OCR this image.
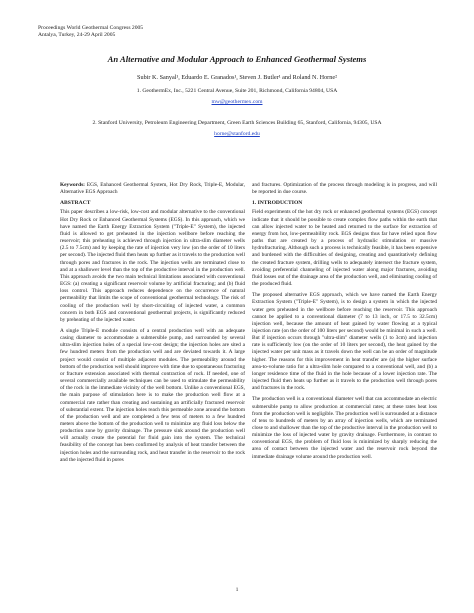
Proceedings World Geothermal Congress 2005
Antalya, Turkey, 24-29 April 2005
An Alternative and Modular Approach to Enhanced Geothermal Systems
Subir K. Sanyal¹, Eduardo E. Granados¹, Steven J. Butler¹ and Roland N. Horne²
1. GeothermEx, Inc., 5221 Central Avenue, Suite 201, Richmond, California 94804, USA
mw@geothermex.com
2. Stanford University, Petroleum Engineering Department, Green Earth Sciences Building 65, Stanford, California, 94305, USA
horne@stanford.edu

Keywords: EGS, Enhanced Geothermal System, Hot Dry Rock, Triple-E, Modular, Alternative EGS Approach

ABSTRACT

This paper describes a low-risk, low-cost and modular alternative to the conventional Hot Dry Rock or Enhanced Geothermal Systems (EGS). In this approach, which we have named the Earth Energy Extraction System ("Triple-E" System), the injected fluid is allowed to get preheated in the injection wellbore before reaching the reservoir; this preheating is achieved through injection in ultra-slim diameter wells (2.5 to 7.5cm) and by keeping the rate of injection very low (on the order of 10 liters per second). The injected fluid then heats up further as it travels to the production well through pores and fractures in the rock. The injection wells are terminated close to and at a shallower level than the top of the productive interval in the production well. This approach avoids the two main technical limitations associated with conventional EGS: (a) creating a significant reservoir volume by artificial fracturing; and (b) fluid loss control. This approach reduces dependence on the occurrence of natural permeability that limits the scope of conventional geothermal technology. The risk of cooling of the production well by short-circuiting of injected water, a common concern in both EGS and conventional geothermal projects, is significantly reduced by preheating of the injected water.

A single Triple-E module consists of a central production well with an adequate casing diameter to accommodate a submersible pump, and surrounded by several ultra-slim injection holes of a special low-cost design; the injection holes are sited a few hundred meters from the production well and are deviated towards it. A large project would consist of multiple adjacent modules. The permeability around the bottom of the production well should improve with time due to spontaneous fracturing or fracture extension associated with thermal contraction of rock. If needed, one of several commercially available techniques can be used to stimulate the permeability of the rock in the immediate vicinity of the well bottom. Unlike a conventional EGS, the main purpose of stimulation here is to make the production well flow at a commercial rate rather than creating and sustaining an artificially fractured reservoir of substantial extent. The injection holes reach this permeable zone around the bottom of the production well and are completed a few tens of meters to a few hundred meters above the bottom of the production well to minimize any fluid loss below the production zone by gravity drainage. The pressure sink around the production well will actually create the potential for fluid gain into the system. The technical feasibility of the concept has been confirmed by analysis of heat transfer between the injection holes and the surrounding rock, and heat transfer in the reservoir to the rock and the injected fluid in pores

and fractures. Optimization of the process through modeling is in progress, and will be reported in due course.

1. INTRODUCTION

Field experiments of the hot dry rock or enhanced geothermal systems (EGS) concept indicate that it should be possible to create complex flow paths within the earth that can allow injected water to be heated and returned to the surface for extraction of energy from hot, low-permeability rock. EGS designs thus far have relied upon flow paths that are created by a process of hydraulic stimulation or massive hydrofracturing. Although such a process is technically feasible, it has been expensive and burdened with the difficulties of designing, creating and quantitatively defining the created fracture system, drilling wells to adequately intersect the fracture system, avoiding preferential channeling of injected water along major fractures, avoiding fluid losses out of the drainage area of the production well, and eliminating cooling of the produced fluid.

The proposed alternative EGS approach, which we have named the Earth Energy Extraction System ("Triple-E" System), is to design a system in which the injected water gets preheated in the wellbore before reaching the reservoir. This approach cannot be applied to a conventional diameter (7 to 13 inch, or 17.5 to 32.5cm) injection well, because the amount of heat gained by water flowing at a typical injection rate (on the order of 100 liters per second) would be minimal in such a well. But if injection occurs through "ultra-slim" diameter wells (1 to 3cm) and injection rate is sufficiently low (on the order of 10 liters per second), the heat gained by the injected water per unit mass as it travels down the well can be an order of magnitude higher. The reasons for this improvement in heat transfer are (a) the higher surface area-to-volume ratio for a ultra-slim hole compared to a conventional well, and (b) a longer residence time of the fluid in the hole because of a lower injection rate. The injected fluid then heats up further as it travels to the production well through pores and fractures in the rock.

The production well is a conventional diameter well that can accommodate an electric submersible pump to allow production at commercial rates; at these rates heat loss from the production well is negligible. The production well is surrounded at a distance of tens to hundreds of meters by an array of injection wells, which are terminated close to and shallower than the top of the productive interval in the production well to minimize the loss of injected water by gravity drainage. Furthermore, in contrast to conventional EGS, the problem of fluid loss is minimized by sharply reducing the area of contact between the injected water and the reservoir rock beyond the immediate drainage volume around the production well.

1
